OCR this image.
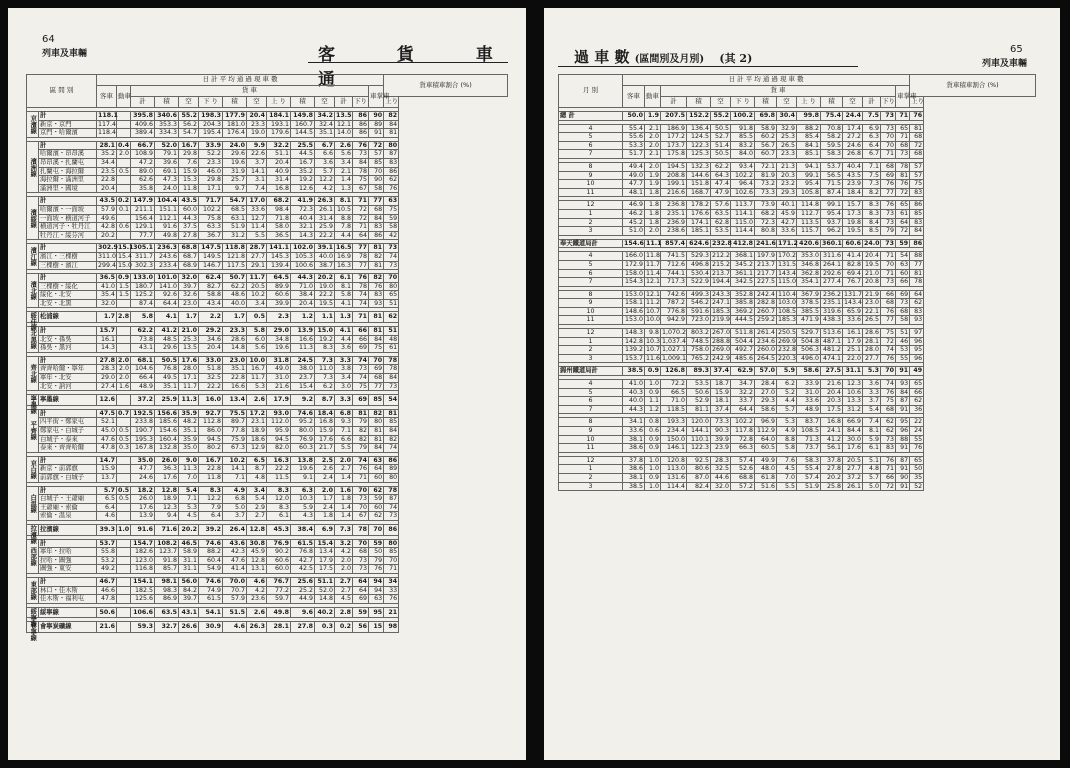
64
列車及車輛	客 貨 車 通
區 間 別		日 計 平 均 通 過 現 車 數														貨車積車割合 (%)
		客車	動車	貨 車											車掌車	
				計	積	空	下 り	積	空	上 り	積	空	計	下り		上り

京濱線	計	118.1		395.8	340.6	55.2	198.3	177.9	20.4	184.1	149.8	34.2	13.5	86	90	82
	新京・京門	117.4		409.6	353.3	56.2	204.3	181.0	23.3	193.1	160.7	32.4	12.1	86	89	84
	京門・哈爾濱	118.4		389.4	334.3	54.7	195.4	176.4	19.0	179.6	144.5	35.1	14.0	86	91	81

濱洲線	計	28.1	0.4	66.7	52.0	16.7	33.9	24.0	9.9	32.2	25.5	6.7	2.6	76	72	80
	哈爾濱・昂昂溪	35.2	2.0	108.9	79.1	29.8	52.2	29.6	22.6	51.1	44.5	6.6	5.6	73	57	87
	昂昂溪・扎蘭屯	34.4		47.2	39.6	7.6	23.3	19.6	3.7	20.4	16.7	3.6	3.4	84	85	83
	扎蘭屯・海拉爾	23.5	0.5	89.0	69.1	15.9	46.0	31.9	14.1	40.9	35.2	5.7	2.1	78	70	86
	海拉爾・滿洲里	22.8		62.6	47.3	15.3	29.8	25.7	3.1	31.4	19.2	12.2	1.4	75	90	62
	滿洲里・國境	20.4		35.8	24.0	11.8	17.1	9.7	7.4	16.8	12.6	4.2	1.3	67	58	76

濱綏線	計	43.5	0.2	147.9	104.4	43.5	71.7	54.7	17.0	68.2	41.9	26.3	8.1	71	77	63
	哈爾濱・一面坡	57.9	0.1	211.1	151.1	60.0	102.2	68.5	33.6	98.4	72.3	26.1	10.5	72	68	75
	一面坡・横道河子	49.6		156.4	112.1	44.3	75.8	63.1	12.7	71.8	40.4	31.4	8.8	72	84	59
	横道河子・牡丹江	42.8	0.6	129.1	91.6	37.5	63.3	51.9	11.4	58.0	32.1	25.9	7.8	71	83	58
	牡丹江・綏芬河	20.2		77.7	49.8	27.8	36.7	31.2	5.5	36.5	14.3	22.2	4.4	64	86	42

濱江線	計	302.9	15.1	305.1	236.3	68.8	147.5	118.8	28.7	141.1	102.0	39.1	16.5	77	81	73
	濱江・三棵樹	311.0	15.4	311.7	243.6	68.7	149.5	121.8	27.7	145.3	105.3	40.0	16.9	78	82	74
	三棵樹・濱江	299.4	15.0	302.3	233.4	68.9	146.7	117.5	29.1	139.4	100.6	38.7	16.3	77	81	73

濱北線	計	36.5	0.9	133.0	101.0	32.0	62.4	50.7	11.7	64.5	44.3	20.2	6.1	76	82	70
	三棵樹・綏化	41.0	1.5	180.7	141.0	39.7	82.7	62.2	20.5	89.9	71.0	19.0	8.1	78	76	80
	綏化・北安	35.4	1.5	125.2	92.6	32.6	58.8	48.6	10.2	60.6	38.4	22.2	5.8	74	83	65
	北安・北黑	32.0		87.4	64.4	23.0	43.4	40.0	3.4	39.9	20.4	19.5	4.1	74	93	51

綏佳線	松浦線	1.7	2.8	5.8	4.1	1.7	2.2	1.7	0.5	2.3	1.2	1.1	1.3	71	81	62

北黑線	計	15.7		62.2	41.2	21.0	29.2	23.3	5.8	29.0	13.9	15.0	4.1	66	81	51
	北安・孫吳	16.1		73.8	48.5	25.3	34.6	28.6	6.0	34.8	16.6	19.2	4.4	66	84	48
	孫吳・黑河	14.3		43.1	29.6	13.5	20.4	14.8	5.6	19.6	11.3	8.3	3.6	69	75	61

齊北線	計	27.8	2.0	68.1	50.5	17.6	33.0	23.0	10.0	31.8	24.5	7.3	3.3	74	70	78
	齊齊哈爾・寧年	28.3	2.0	104.6	76.8	28.0	51.8	35.1	16.7	49.0	38.0	11.0	3.8	73	69	78
	寧年・北安	29.0	2.0	66.4	49.5	17.1	32.5	22.8	11.7	31.0	23.7	7.3	3.4	74	68	84
	北安・訥河	27.4	1.6	48.9	35.1	11.7	22.2	16.6	5.3	21.6	15.4	6.2	3.0	75	77	73

寧墨線	寧墨線	12.6		37.2	25.9	11.3	16.0	13.4	2.6	17.9	9.2	8.7	3.3	69	85	54

平齊線	計	47.5	0.7	192.5	156.6	35.9	92.7	75.5	17.2	93.0	74.6	18.4	6.8	81	82	81
	四平街・鄭家屯	52.1		233.8	185.6	48.2	112.8	89.7	23.1	112.0	95.2	16.8	9.3	79	80	85
	鄭家屯・白城子	45.0	0.5	190.7	154.6	35.1	86.0	77.8	18.9	95.9	80.0	15.9	7.1	82	81	84
	白城子・泰來	47.6	0.5	195.3	160.4	35.9	94.5	75.9	18.6	94.5	76.9	17.6	6.6	82	81	82
	泰來・齊齊哈爾	47.8	0.3	167.8	132.8	35.0	80.2	67.3	12.9	82.0	60.3	21.7	5.5	79	84	74

京白線	計	14.7		35.0	26.0	9.0	16.7	10.2	6.5	16.3	13.8	2.5	2.0	74	63	86
	新京・前郭旗	15.9		47.7	36.3	11.3	22.8	14.1	8.7	22.2	19.6	2.6	2.7	76	64	89
	前郭旗・白城子	13.7		24.6	17.6	7.0	11.8	7.1	4.8	11.5	9.1	2.4	1.4	71	60	80

白温線	計	5.7	0.5	18.2	12.8	5.4	8.3	4.9	3.4	8.3	6.3	2.0	1.6	70	62	78
	白城子・王爺廟	6.5	0.5	26.0	18.9	7.1	12.2	6.8	5.4	12.0	10.3	1.7	1.8	73	59	87
	王爺廟・索倫	6.4		17.6	12.3	5.3	7.9	5.0	2.9	8.3	5.9	2.4	1.4	70	60	74
	索倫・温泉	4.6		13.9	9.4	4.5	6.4	3.7	2.7	6.1	4.3	1.8	1.4	67	62	73

拉濱線	拉濱線	39.3	1.0	91.6	71.6	20.2	39.2	26.4	12.8	45.3	38.4	6.9	7.3	78	70	86

西部線	計	53.7		154.7	108.2	46.5	74.6	43.6	30.8	76.9	61.5	15.4	3.2	70	59	80
	寧年・拉哈	55.8		182.6	123.7	58.9	88.2	42.3	45.9	90.2	76.8	13.4	4.2	68	50	85
	拉哈・圖強	53.2		123.0	91.8	31.1	60.4	47.6	12.8	60.6	42.7	17.9	2.0	73	79	70
	圖強・東安	49.2		116.8	85.7	31.1	54.9	41.4	13.1	60.0	42.5	17.5	2.0	73	76	71

東部線	計	46.7		154.1	98.1	56.0	74.6	70.0	4.6	76.7	25.6	51.1	2.7	64	94	34
	林口・佳木斯	46.6		182.5	98.3	84.2	74.9	70.7	4.2	77.2	25.2	52.0	2.7	64	94	33
	佳木斯・福利屯	47.8		125.6	86.9	39.7	61.5	57.9	23.6	59.7	44.9	14.8	4.5	69	63	76

綏寧線	綏寧線	50.6		106.6	63.5	43.1	54.1	51.5	2.6	49.8	9.6	40.2	2.8	59	95	21

會寧線	會寧炭礦線	21.6		59.3	32.7	26.6	30.9	4.6	26.3	28.1	27.8	0.3	0.2	56	15	98
過 車 數 (區間別及月別) (其 2)
65
列車及車輛
月 別	日 計 平 均 通 過 現 車 數														貨車積車割合 (%)
	客車	動車	貨 車											車掌車	
			計	積	空	下 り	積	空	上 り	積	空	計	下り		上り

總 計	50.0	1.9	207.5	152.2	55.2	100.2	69.8	30.4	99.8	75.4	24.4	7.5	73	71	76

4	55.4	2.1	186.9	136.4	50.5	91.8	58.9	32.9	88.2	70.8	17.4	6.9	73	65	81
5	55.6	2.0	177.2	124.5	52.7	85.5	60.2	25.3	85.4	58.2	27.2	6.3	70	71	68
6	53.3	2.0	173.7	122.3	51.4	83.2	56.7	26.5	84.1	59.5	24.6	6.4	70	68	72
7	51.7	2.1	175.8	125.3	50.5	84.0	60.7	23.3	85.1	58.3	26.8	6.7	71	73	68

8	49.4	2.0	194.5	132.3	62.2	93.4	72.1	21.3	94.1	53.7	40.4	7.1	68	78	57
9	49.0	1.9	208.8	144.6	64.3	102.2	81.9	20.3	99.1	56.5	43.5	7.5	69	81	57
10	47.7	1.9	199.1	151.8	47.4	96.4	73.2	23.2	95.4	71.5	23.9	7.3	76	76	75
11	48.1	1.8	216.6	168.7	47.9	102.6	73.3	29.3	105.8	87.4	18.4	8.2	77	72	83

12	46.9	1.8	236.8	178.2	57.6	113.7	73.9	40.1	114.8	99.1	15.7	8.3	76	65	86
1	46.2	1.8	235.1	176.6	63.5	114.1	68.2	45.9	112.7	95.4	17.3	8.3	73	61	85
2	45.2	1.8	236.9	174.1	62.8	115.0	72.3	42.7	113.5	93.7	19.8	8.4	73	64	83
3	51.0	2.0	238.6	185.1	53.5	114.4	80.8	33.6	115.7	96.2	19.5	8.5	79	72	84

奉天鐵道局計	154.6	11.1	857.4	624.6	232.8	412.8	241.6	171.2	420.6	360.1	60.6	24.0	73	59	86

4	166.0	11.8	741.5	529.3	212.2	368.1	197.9	170.2	353.0	311.6	41.4	20.4	71	54	88
5	172.9	11.7	712.6	496.8	215.2	345.2	213.7	131.5	346.8	264.1	82.8	19.5	70	63	77
6	158.0	11.4	744.1	530.4	213.7	361.1	217.7	143.4	362.8	292.6	69.4	21.0	71	60	81
7	154.3	12.1	717.3	522.9	194.4	342.5	227.5	115.0	354.1	277.4	76.7	20.8	73	66	78

8	153.0	12.1	742.6	499.3	243.3	352.8	242.4	110.4	367.9	236.2	131.7	21.9	66	69	64
9	158.1	11.2	787.2	546.2	247.1	385.8	282.8	103.0	378.5	235.1	143.4	23.0	68	73	62
10	148.6	10.7	776.8	591.6	185.3	369.2	260.7	108.5	385.5	319.6	65.9	22.1	76	68	83
11	153.0	10.0	942.9	723.0	219.9	444.5	259.2	185.3	471.9	438.3	33.6	26.5	77	58	93

12	148.3	9.8	1,070.2	803.2	267.0	511.8	261.4	250.5	529.7	513.6	16.1	28.6	75	51	97
1	142.8	10.3	1,037.4	748.5	288.8	504.4	234.6	269.9	504.8	487.1	17.9	28.1	72	46	96
2	139.2	10.7	1,027.1	758.0	269.0	492.7	260.0	232.8	506.3	481.2	25.1	28.0	74	53	95
3	153.7	11.6	1,009.1	765.2	242.9	485.6	264.5	220.3	496.0	474.1	22.0	27.7	76	55	96

錦州鐵道局計	38.5	0.9	126.8	89.3	37.4	62.9	57.0	5.9	58.6	27.5	31.1	5.3	70	91	49

4	41.0	1.0	72.2	53.5	18.7	34.7	28.4	6.2	33.9	21.6	12.3	3.6	74	93	65
5	40.3	0.9	66.5	50.6	15.9	32.2	27.0	5.2	31.0	20.4	10.6	3.3	76	84	66
6	40.0	1.1	71.0	52.9	18.1	33.7	29.3	4.4	33.6	20.3	13.3	3.7	75	87	62
7	44.3	1.2	118.5	81.1	37.4	64.4	58.6	5.7	48.9	17.5	31.2	5.4	68	91	36

8	34.1	0.8	193.3	120.0	73.3	102.2	96.9	5.3	83.7	16.8	66.9	7.4	62	95	22
9	33.6	0.6	234.4	144.1	90.3	117.8	112.9	4.9	108.5	24.1	84.4	8.1	62	96	24
10	38.1	0.9	150.0	110.1	39.9	72.8	64.0	8.8	71.3	41.2	30.0	5.9	73	88	55
11	38.6	0.9	146.1	122.3	23.9	66.3	60.5	5.8	73.7	56.1	17.6	6.1	83	91	76

12	37.8	1.0	120.8	92.5	28.3	57.4	49.9	7.6	58.3	37.8	20.5	5.1	76	87	65
1	38.6	1.0	113.0	80.6	32.5	52.6	48.0	4.5	55.4	27.8	27.7	4.8	71	91	50
2	38.1	0.9	131.6	87.0	44.6	68.8	61.8	7.0	57.4	20.2	37.2	5.7	66	90	35
3	38.5	1.0	114.4	82.4	32.0	57.2	51.6	5.5	51.9	25.8	26.1	5.0	72	91	52
